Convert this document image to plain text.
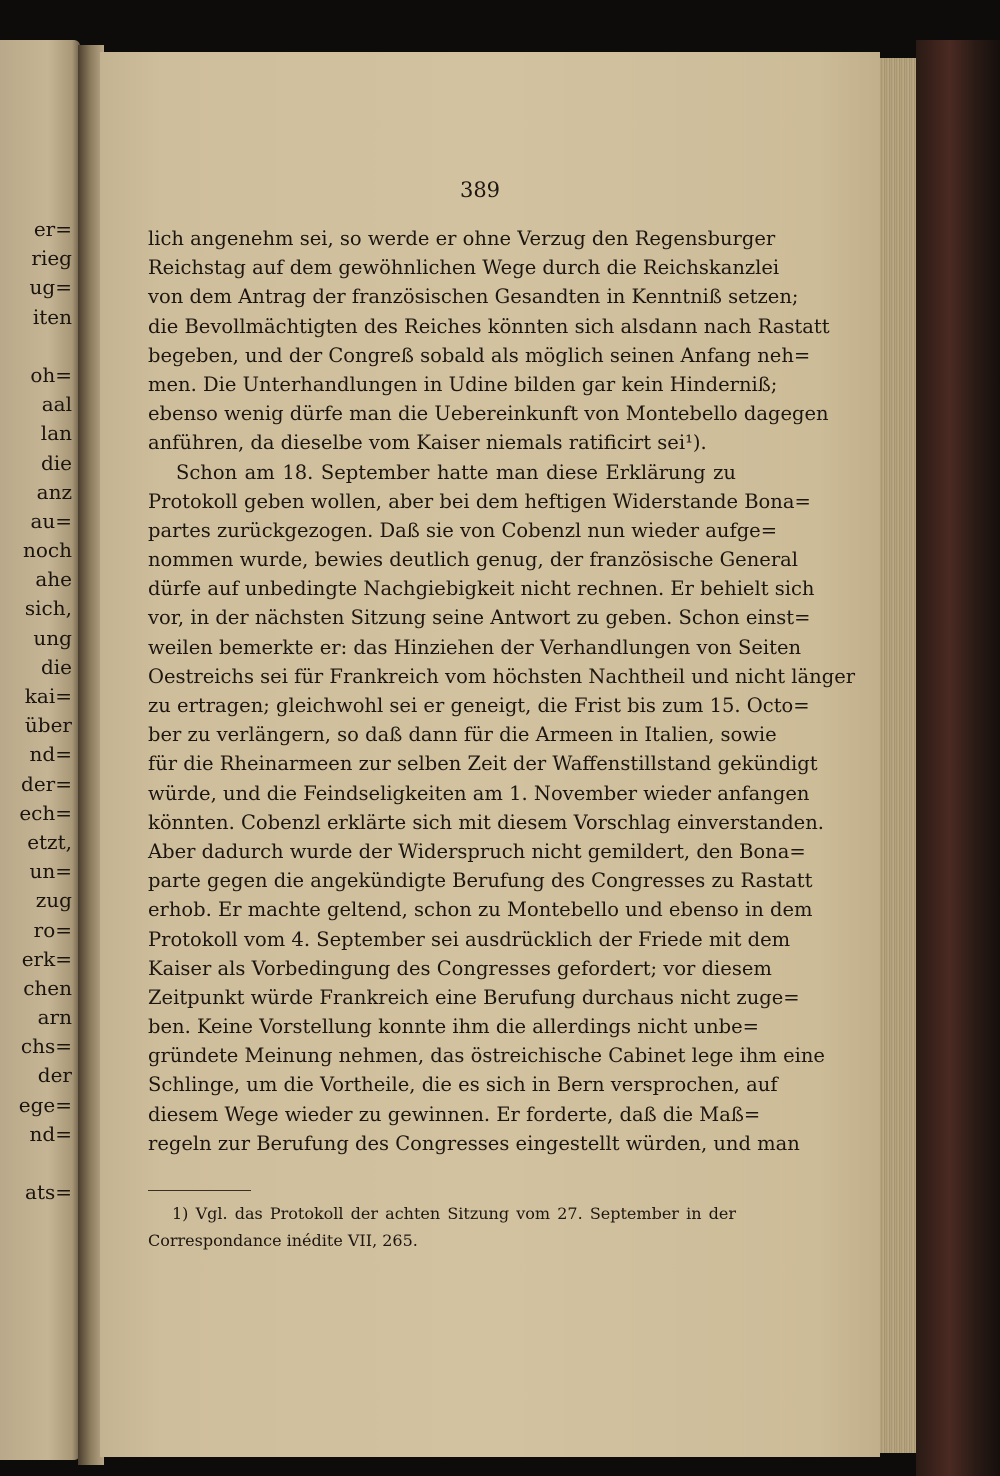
er=
rieg
ug=
iten
oh=
aal
lan
die
anz
au=
noch
ahe
sich,
ung
die
kai=
über
nd=
der=
ech=
etzt,
un=
zug
ro=
erk=
chen
arn
chs=
der
ege=
nd=
ats=
389
lich angenehm sei, so werde er ohne Verzug den Regensburger
Reichstag auf dem gewöhnlichen Wege durch die Reichskanzlei
von dem Antrag der französischen Gesandten in Kenntniß setzen;
die Bevollmächtigten des Reiches könnten sich alsdann nach Rastatt
begeben, und der Congreß sobald als möglich seinen Anfang neh=
men. Die Unterhandlungen in Udine bilden gar kein Hinderniß;
ebenso wenig dürfe man die Uebereinkunft von Montebello dagegen
anführen, da dieselbe vom Kaiser niemals ratificirt sei¹).
Schon am 18. September hatte man diese Erklärung zu
Protokoll geben wollen, aber bei dem heftigen Widerstande Bona=
partes zurückgezogen. Daß sie von Cobenzl nun wieder aufge=
nommen wurde, bewies deutlich genug, der französische General
dürfe auf unbedingte Nachgiebigkeit nicht rechnen. Er behielt sich
vor, in der nächsten Sitzung seine Antwort zu geben. Schon einst=
weilen bemerkte er: das Hinziehen der Verhandlungen von Seiten
Oestreichs sei für Frankreich vom höchsten Nachtheil und nicht länger
zu ertragen; gleichwohl sei er geneigt, die Frist bis zum 15. Octo=
ber zu verlängern, so daß dann für die Armeen in Italien, sowie
für die Rheinarmeen zur selben Zeit der Waffenstillstand gekündigt
würde, und die Feindseligkeiten am 1. November wieder anfangen
könnten. Cobenzl erklärte sich mit diesem Vorschlag einverstanden.
Aber dadurch wurde der Widerspruch nicht gemildert, den Bona=
parte gegen die angekündigte Berufung des Congresses zu Rastatt
erhob. Er machte geltend, schon zu Montebello und ebenso in dem
Protokoll vom 4. September sei ausdrücklich der Friede mit dem
Kaiser als Vorbedingung des Congresses gefordert; vor diesem
Zeitpunkt würde Frankreich eine Berufung durchaus nicht zuge=
ben. Keine Vorstellung konnte ihm die allerdings nicht unbe=
gründete Meinung nehmen, das östreichische Cabinet lege ihm eine
Schlinge, um die Vortheile, die es sich in Bern versprochen, auf
diesem Wege wieder zu gewinnen. Er forderte, daß die Maß=
regeln zur Berufung des Congresses eingestellt würden, und man
1) Vgl. das Protokoll der achten Sitzung vom 27. September in der
Correspondance inédite VII, 265.
